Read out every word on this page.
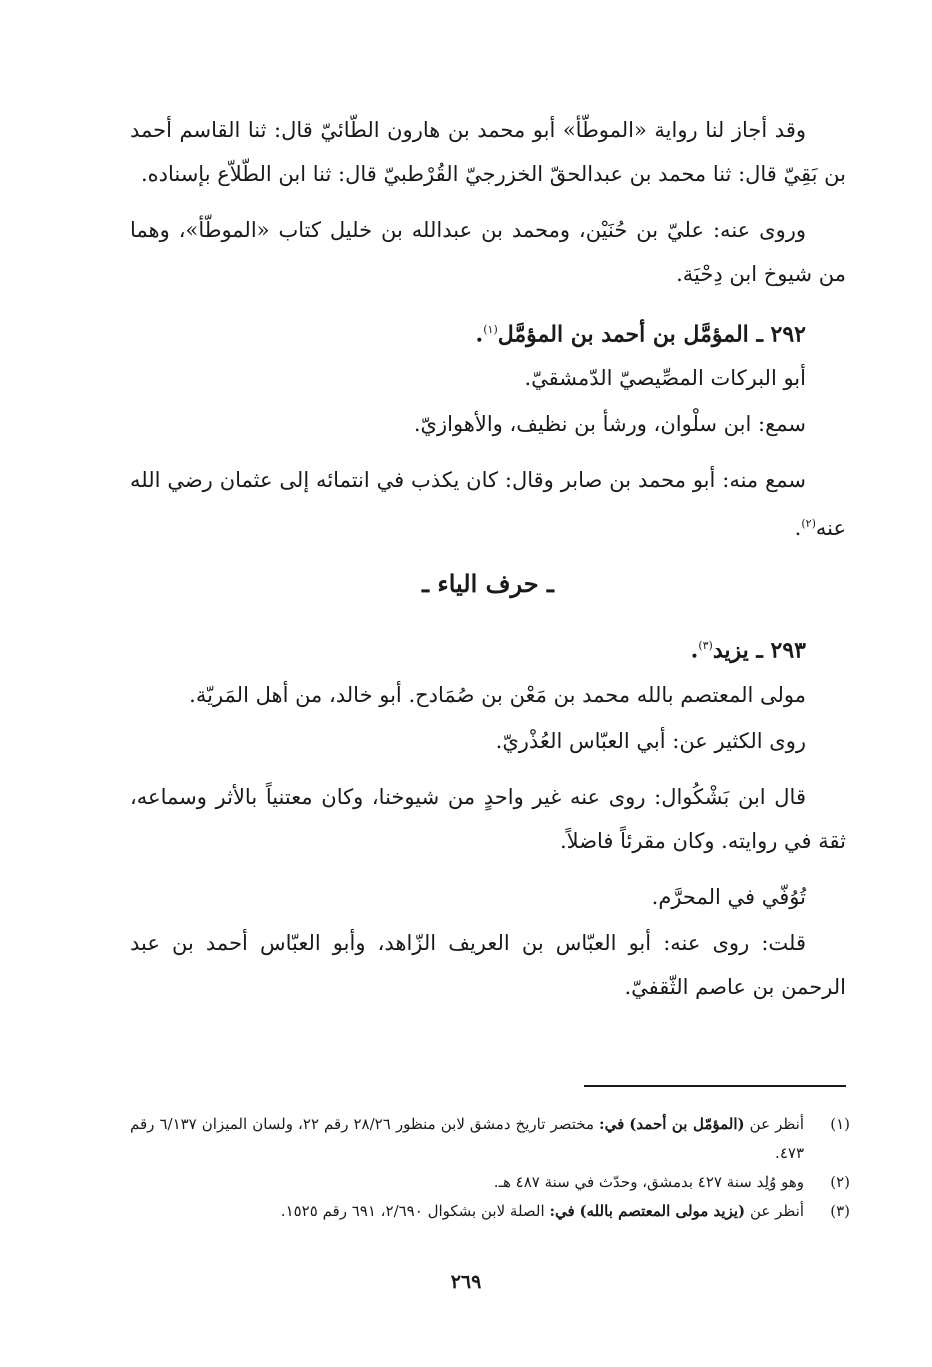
وقد أجاز لنا رواية «الموطّأ» أبو محمد بن هارون الطّائيّ قال: ثنا القاسم أحمد بن بَقِيّ قال: ثنا محمد بن عبدالحقّ الخزرجيّ القُرْطبيّ قال: ثنا ابن الطّلاّع بإسناده.

وروى عنه: عليّ بن حُنَيْن، ومحمد بن عبدالله بن خليل كتاب «الموطّأ»، وهما من شيوخ ابن دِحْيَة.

٢٩٢ ـ المؤمَّل بن أحمد بن المؤمَّل$^{(١)}$.

أبو البركات المصِّيصيّ الدّمشقيّ.

سمع: ابن سلْوان، ورشأ بن نظيف، والأهوازيّ.

سمع منه: أبو محمد بن صابر وقال: كان يكذب في انتمائه إلى عثمان رضي الله عنه$^{(٢)}$.

ـ حرف الياء ـ

٢٩٣ ـ يزيد$^{(٣)}$.

مولى المعتصم بالله محمد بن مَعْن بن صُمَادح. أبو خالد، من أهل المَريّة.

روى الكثير عن: أبي العبّاس العُذْريّ.

قال ابن بَشْكُوال: روى عنه غير واحدٍ من شيوخنا، وكان معتنياً بالأثر وسماعه، ثقة في روايته. وكان مقرئاً فاضلاً.

تُوُفّي في المحرَّم.

قلت: روى عنه: أبو العبّاس بن العريف الزّاهد، وأبو العبّاس أحمد بن عبد الرحمن بن عاصم الثّقفيّ.

(١)
أنظر عن (المؤمّل بن أحمد) في: مختصر تاريخ دمشق لابن منظور ٢٨/٢٦ رقم ٢٢، ولسان الميزان ٦/١٣٧ رقم ٤٧٣.

(٢)
وهو وُلِد سنة ٤٢٧ بدمشق، وحدّث في سنة ٤٨٧ هـ.

(٣)
أنظر عن (يزيد مولى المعتصم بالله) في: الصلة لابن بشكوال ٢/٦٩٠، ٦٩١ رقم ١٥٢٥.

٢٦٩
